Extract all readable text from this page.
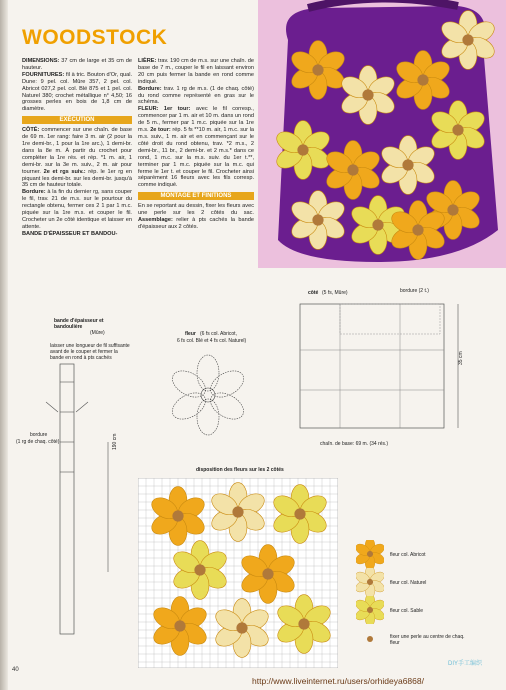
WOODSTOCK

DIMENSIONS: 37 cm de large et 35 cm de hauteur.

FOURNITURES: fil à tric. Bouton d'Or, qual. Dune: 9 pel. col. Mûre 357, 2 pel. col. Abricot 027,2 pel. col. Blé 875 et 1 pel. col. Naturel 380; crochet métallique n° 4,50; 16 grosses perles en bois de 1,8 cm de diamètre.

EXÉCUTION

CÔTÉ: commencer sur une chaîn. de base de 69 m. 1er rang: faire 3 m. air (2 pour la 1re demi-br., 1 pour la 1re arc.), 1 demi-br. dans la 8e m. À partir du crochet pour compléter la 1re rés. et rép. *1 m. air, 1 demi-br. sur la 3e m. suiv., 2 m. air pour tourner. 2e et rgs suiv.: rép. le 1er rg en piquant les demi-br. sur les demi-br. jusqu'à 35 cm de hauteur totale.

Bordure: à la fin du dernier rg, sans couper le fil, trav. 21 de m.s. sur le pourtour du rectangle obtenu, fermer ces 2 1 par 1 m.c. piquée sur la 1re m.s. et couper le fil. Crocheter un 2e côté identique et laisser en attente.

BANDE D'ÉPAISSEUR ET BANDOU-

LIÈRE: trav. 190 cm de m.s. sur une chaîn. de base de 7 m., couper le fil en laissant environ 20 cm puis fermer la bande en rond comme indiqué.

Bordure: trav. 1 rg de m.s. (1 de chaq. côté) du rond comme représenté en gras sur le schéma.

FLEUR: 1er tour: avec le fil corresp., commencer par 1 m. air et 10 m. dans un rond de 5 m., fermer par 1 m.c. piquée sur la 1re m.s. 2e tour: rép. 5 fs **10 m. air, 1 m.c. sur la m.s. suiv., 1 m. air et en commençant sur le côté droit du rond obtenu, trav. *2 m.s., 2 demi-br., 11 br., 2 demi-br. et 2 m.s.* dans ce rond, 1 m.c. sur la m.s. suiv. du 1er t.**, terminer par 1 m.c. piquée sur la m.c. qui ferme le 1er t. et couper le fil. Crocheter ainsi séparément 16 fleurs avec les fils corresp. comme indiqué.

MONTAGE ET FINITIONS

En se reportant au dessin, fixer les fleurs avec une perle sur les 2 côtés du sac. Assemblage: relier à pts cachés la bande d'épaisseur aux 2 côtés.

bande d'épaisseur et bandoulière
(Mûre)
laisser une longueur de fil suffisante avant de le couper et fermer la bande en rond à pts cachés
bordure
(1 rg de chaq. côté)	190 cm
fleur (6 fs col. Abricot,
6 fs col. Blé et 4 fs col. Naturel)
côté (5 fs, Mûre)	bordure (2 t.)
35 cm
chaîn. de base: 69 m. (34 rés.)
disposition des fleurs sur les 2 côtés
fleur col. Abricot
fleur col. Naturel
fleur col. Sable
fixer une perle au centre de chaq. fleur
40
DIY手工编织
http://www.liveinternet.ru/users/orhideya6868/
